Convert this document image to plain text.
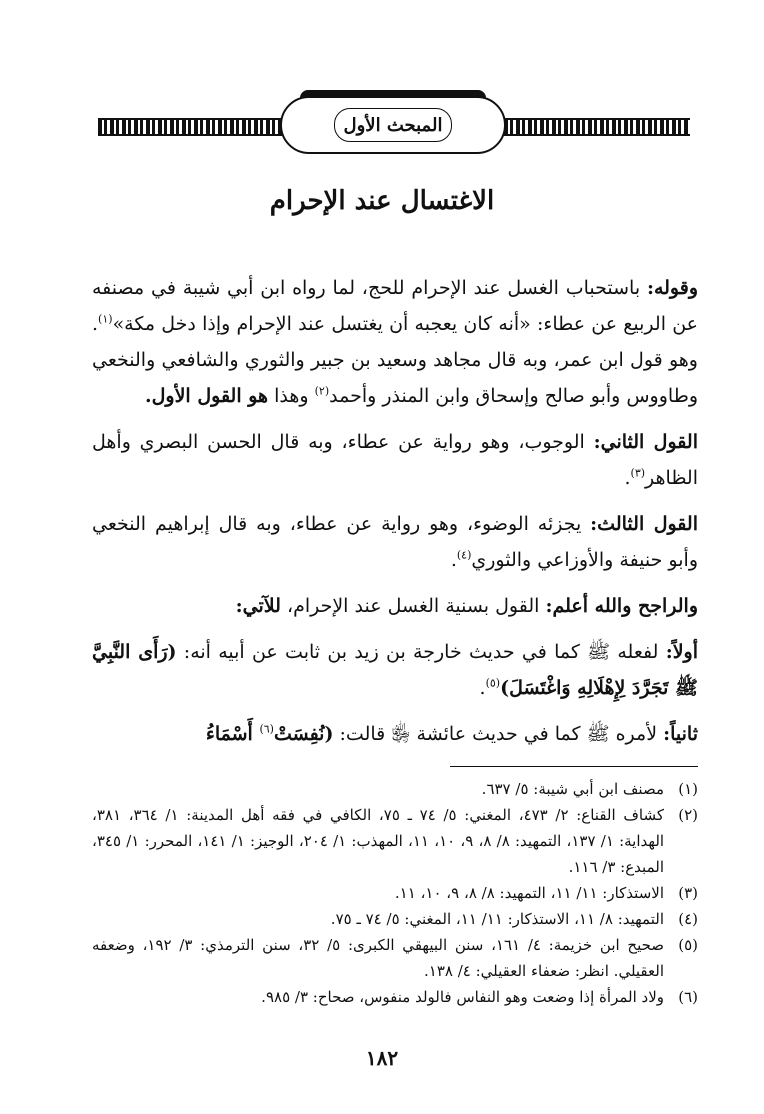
المبحث الأول
الاغتسال عند الإحرام

وقوله: باستحباب الغسل عند الإحرام للحج، لما رواه ابن أبي شيبة في مصنفه عن الربيع عن عطاء: «أنه كان يعجبه أن يغتسل عند الإحرام وإذا دخل مكة»$^{(١)}$. وهو قول ابن عمر، وبه قال مجاهد وسعيد بن جبير والثوري والشافعي والنخعي وطاووس وأبو صالح وإسحاق وابن المنذر وأحمد$^{(٢)}$ وهذا هو القول الأول.

القول الثاني: الوجوب، وهو رواية عن عطاء، وبه قال الحسن البصري وأهل الظاهر$^{(٣)}$.

القول الثالث: يجزئه الوضوء، وهو رواية عن عطاء، وبه قال إبراهيم النخعي وأبو حنيفة والأوزاعي والثوري$^{(٤)}$.

والراجح والله أعلم: القول بسنية الغسل عند الإحرام، للآتي:

أولاً: لفعله ﷺ كما في حديث خارجة بن زيد بن ثابت عن أبيه أنه: (رَأَى النَّبِيَّ ﷺ تَجَرَّدَ لِإِهْلَالِهِ وَاغْتَسَلَ)$^{(٥)}$.

ثانياً: لأمره ﷺ كما في حديث عائشة ﵂ قالت: (نُفِسَتْ$^{(٦)}$ أَسْمَاءُ

(١)
مصنف ابن أبي شيبة: ٥/ ٦٣٧.
(٢)
كشاف القناع: ٢/ ٤٧٣، المغني: ٥/ ٧٤ ـ ٧٥، الكافي في فقه أهل المدينة: ١/ ٣٦٤، ٣٨١، الهداية: ١/ ١٣٧، التمهيد: ٨/ ٨، ٩، ١٠، ١١، المهذب: ١/ ٢٠٤، الوجيز: ١/ ١٤١، المحرر: ١/ ٣٤٥، المبدع: ٣/ ١١٦.
(٣)
الاستذكار: ١١/ ١١، التمهيد: ٨/ ٨، ٩، ١٠، ١١.
(٤)
التمهيد: ٨/ ١١، الاستذكار: ١١/ ١١، المغني: ٥/ ٧٤ ـ ٧٥.
(٥)
صحيح ابن خزيمة: ٤/ ١٦١، سنن البيهقي الكبرى: ٥/ ٣٢، سنن الترمذي: ٣/ ١٩٢، وضعفه العقيلي. انظر: ضعفاء العقيلي: ٤/ ١٣٨.
(٦)
ولاد المرأة إذا وضعت وهو النفاس فالولد منفوس، صحاح: ٣/ ٩٨٥.
١٨٢
